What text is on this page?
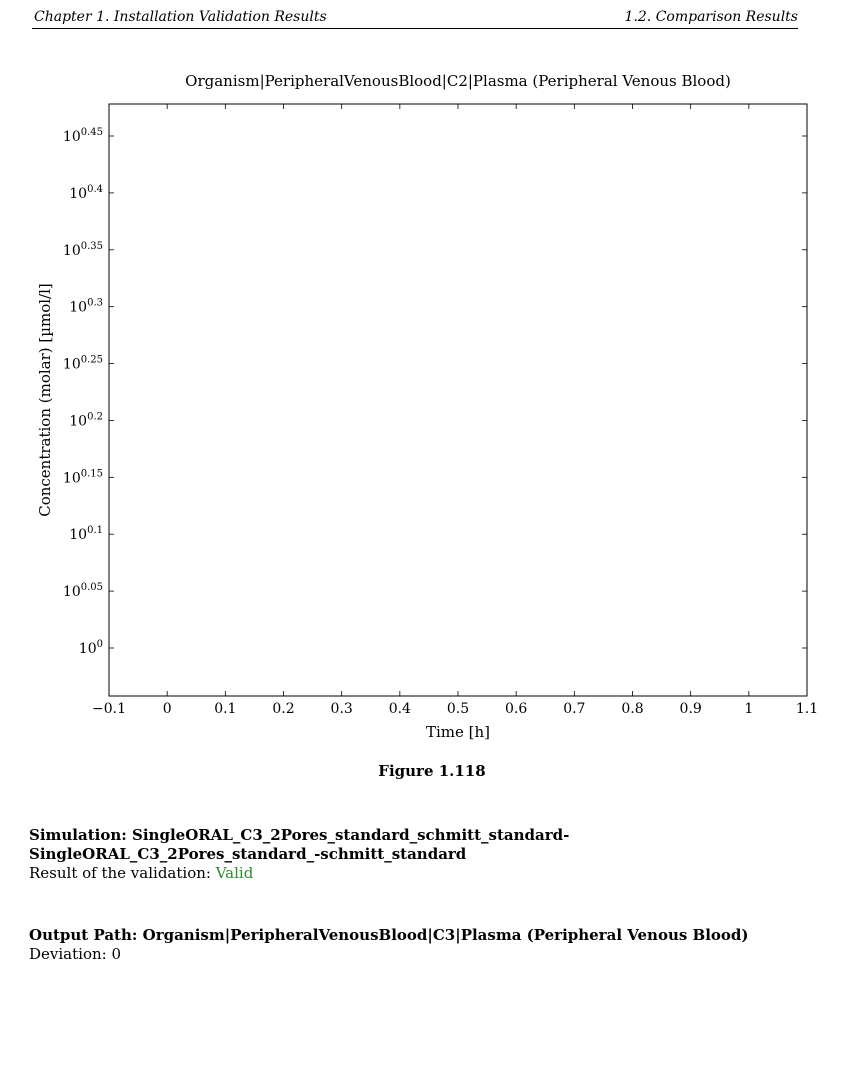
Chapter 1. Installation Validation Results	1.2. Comparison Results
Organism|PeripheralVenousBlood|C2|Plasma (Peripheral Venous Blood)
−0.1	0	0.1	0.2	0.3	0.4	0.5	0.6	0.7	0.8	0.9	1	1.1
$10^{0.45}$
$10^{0.4}$
$10^{0.35}$
$10^{0.3}$
$10^{0.25}$
$10^{0.2}$
$10^{0.15}$
$10^{0.1}$
$10^{0.05}$
$10^0$
Time [h]
Concentration (molar) [µmol/l]
Figure 1.118
Simulation: SingleORAL_C3_2Pores_standard_schmitt_standard-SingleORAL_C3_2Pores_standard_-schmitt_standard
Result of the validation: Valid
Output Path: Organism|PeripheralVenousBlood|C3|Plasma (Peripheral Venous Blood)
Deviation: 0
